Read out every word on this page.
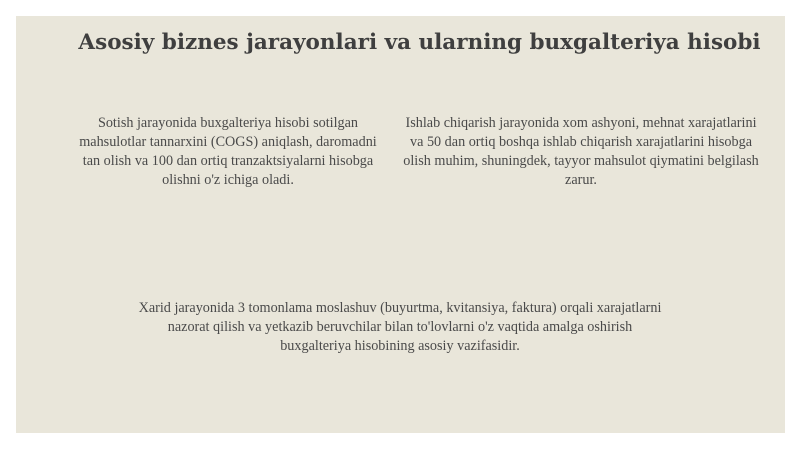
Asosiy biznes jarayonlari va ularning buxgalteriya hisobi

Sotish jarayonida buxgalteriya hisobi sotilgan mahsulotlar tannarxini (COGS) aniqlash, daromadni tan olish va 100 dan ortiq tranzaktsiyalarni hisobga olishni o'z ichiga oladi.

Ishlab chiqarish jarayonida xom ashyoni, mehnat xarajatlarini va 50 dan ortiq boshqa ishlab chiqarish xarajatlarini hisobga olish muhim, shuningdek, tayyor mahsulot qiymatini belgilash zarur.

Xarid jarayonida 3 tomonlama moslashuv (buyurtma, kvitansiya, faktura) orqali xarajatlarni nazorat qilish va yetkazib beruvchilar bilan to'lovlarni o'z vaqtida amalga oshirish buxgalteriya hisobining asosiy vazifasidir.
